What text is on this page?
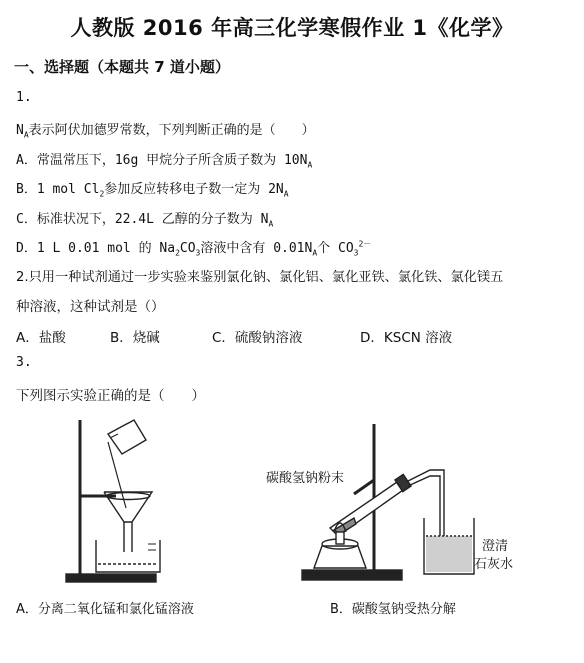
人教版 2016 年高三化学寒假作业 1《化学》
一、选择题（本题共 7 道小题）
1.
$N_A$表示阿伏加德罗常数，下列判断正确的是（　　）
A．常温常压下，16g 甲烷分子所含质子数为 $10N_A$
B．1 mol $Cl_2$参加反应转移电子数一定为 $2N_A$
C．标准状况下，22.4L 乙醇的分子数为 $N_A$
D．1 L 0.01 mol 的 $Na_2CO_3$溶液中含有 $0.01N_A$个 $CO_3^{2-}$
2.只用一种试剂通过一步实验来鉴别氯化钠、氯化铝、氯化亚铁、氯化铁、氯化镁五
种溶液，这种试剂是（）
A．盐酸	B．烧碱	C．硫酸钠溶液	D．KSCN 溶液
3.
下列图示实验正确的是（　　）
碳酸氢钠粉末
澄清
石灰水
A．分离二氧化锰和氯化锰溶液	B．碳酸氢钠受热分解
